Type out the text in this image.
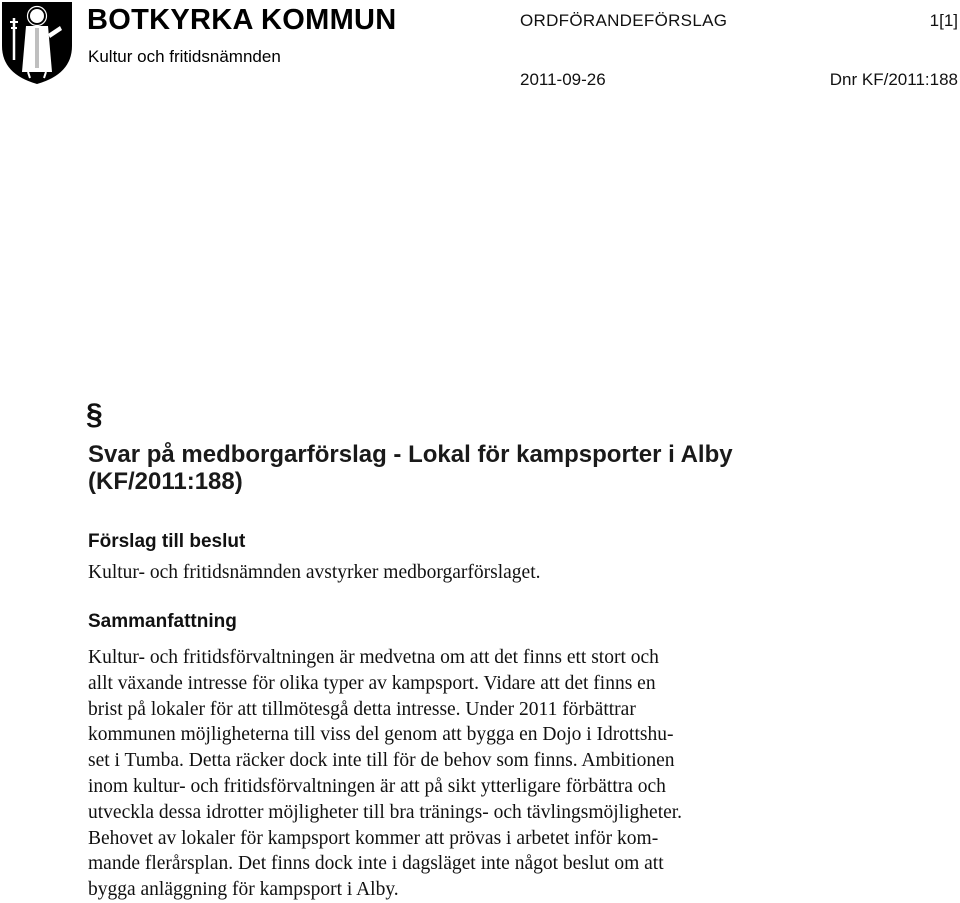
BOTKYRKA KOMMUN
Kultur och fritidsnämnden
ORDFÖRANDEFÖRSLAG	1[1]
2011-09-26	Dnr KF/2011:188
§
Svar på medborgarförslag - Lokal för kampsporter i Alby
(KF/2011:188)
Förslag till beslut
Kultur- och fritidsnämnden avstyrker medborgarförslaget.
Sammanfattning
Kultur- och fritidsförvaltningen är medvetna om att det finns ett stort och
allt växande intresse för olika typer av kampsport. Vidare att det finns en
brist på lokaler för att tillmötesgå detta intresse. Under 2011 förbättrar
kommunen möjligheterna till viss del genom att bygga en Dojo i Idrottshu-
set i Tumba. Detta räcker dock inte till för de behov som finns. Ambitionen
inom kultur- och fritidsförvaltningen är att på sikt ytterligare förbättra och
utveckla dessa idrotter möjligheter till bra tränings- och tävlingsmöjligheter.
Behovet av lokaler för kampsport kommer att prövas i arbetet inför kom-
mande flerårsplan. Det finns dock inte i dagsläget inte något beslut om att
bygga anläggning för kampsport i Alby.
